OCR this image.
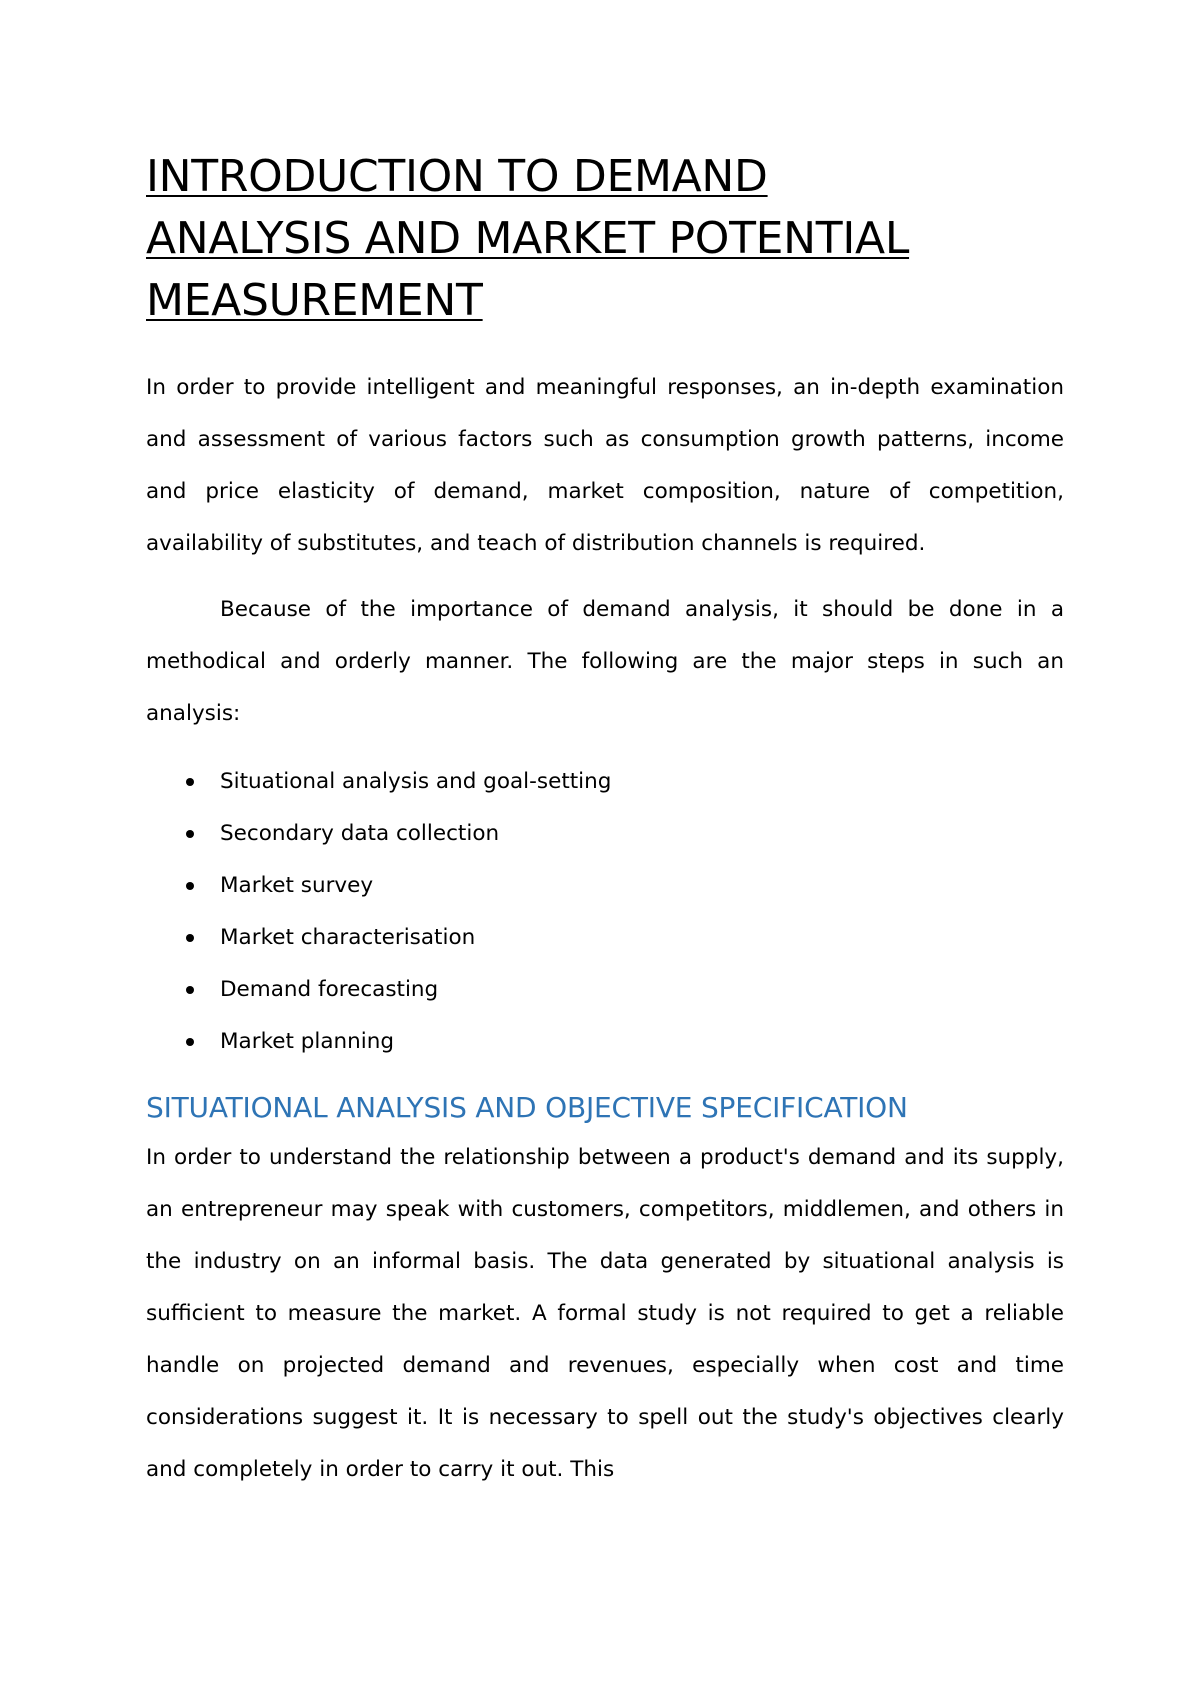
INTRODUCTION TO DEMAND
ANALYSIS AND MARKET POTENTIAL
MEASUREMENT

In order to provide intelligent and meaningful responses, an in-depth examination and assessment of various factors such as consumption growth patterns, income and price elasticity of demand, market composition, nature of competition, availability of substitutes, and teach of distribution channels is required.

Because of the importance of demand analysis, it should be done in a methodical and orderly manner. The following are the major steps in such an analysis:

Situational analysis and goal-setting
Secondary data collection
Market survey
Market characterisation
Demand forecasting
Market planning
SITUATIONAL ANALYSIS AND OBJECTIVE SPECIFICATION

In order to understand the relationship between a product's demand and its supply, an entrepreneur may speak with customers, competitors, middlemen, and others in the industry on an informal basis. The data generated by situational analysis is sufficient to measure the market. A formal study is not required to get a reliable handle on projected demand and revenues, especially when cost and time considerations suggest it. It is necessary to spell out the study's objectives clearly and completely in order to carry it out. This
